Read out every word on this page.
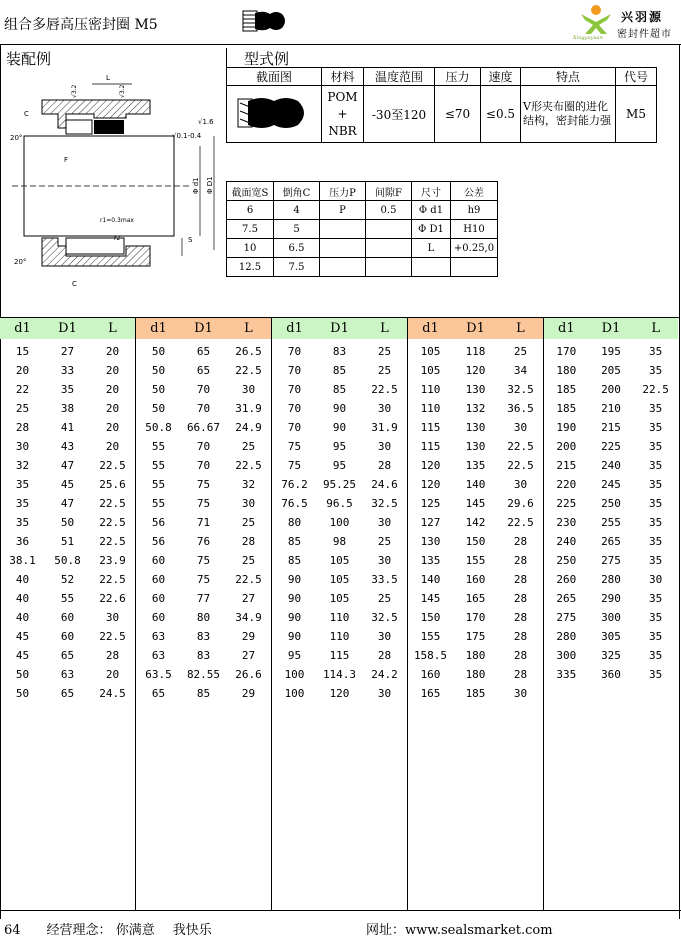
组合多唇高压密封圈 M5	兴羽源
密封件超市
Xingyuyuan
装配例	型式例
L
C
20°
√3.2	√3.2
√1.6
√0.1-0.4
F
Φ d1 Φ D1
r1=0.3max
r2	S
20°
C
截面图	材料	温度范围	压力	速度	特点	代号

POM
+
NBR	-30至120	≤70	≤0.5	V形夹布圈的进化结构，密封能力强	M5
截面宽S	倒角C	压力P	间隙F	尺寸	公差
6	4	P	0.5	Φ d1	h9
7.5	5			Φ D1	H10
10	6.5			L	+0.25,0
12.5	7.5				
d1	D1	L
15	27	20
20	33	20
22	35	20
25	38	20
28	41	20
30	43	20
32	47	22.5
35	45	25.6
35	47	22.5
35	50	22.5
36	51	22.5
38.1	50.8	23.9
40	52	22.5
40	55	22.6
40	60	30
45	60	22.5
45	65	28
50	63	20
50	65	24.5
d1	D1	L
50	65	26.5
50	65	22.5
50	70	30
50	70	31.9
50.8	66.67	24.9
55	70	25
55	70	22.5
55	75	32
55	75	30
56	71	25
56	76	28
60	75	25
60	75	22.5
60	77	27
60	80	34.9
63	83	29
63	83	27
63.5	82.55	26.6
65	85	29
d1	D1	L
70	83	25
70	85	25
70	85	22.5
70	90	30
70	90	31.9
75	95	30
75	95	28
76.2	95.25	24.6
76.5	96.5	32.5
80	100	30
85	98	25
85	105	30
90	105	33.5
90	105	25
90	110	32.5
90	110	30
95	115	28
100	114.3	24.2
100	120	30
d1	D1	L
105	118	25
105	120	34
110	130	32.5
110	132	36.5
115	130	30
115	130	22.5
120	135	22.5
120	140	30
125	145	29.6
127	142	22.5
130	150	28
135	155	28
140	160	28
145	165	28
150	170	28
155	175	28
158.5	180	28
160	180	28
165	185	30
d1	D1	L
170	195	35
180	205	35
185	200	22.5
185	210	35
190	215	35
200	225	35
215	240	35
220	245	35
225	250	35
230	255	35
240	265	35
250	275	35
260	280	30
265	290	35
275	300	35
280	305	35
300	325	35
335	360	35
64 经营理念： 你满意 我快乐	网址：www.sealsmarket.com
